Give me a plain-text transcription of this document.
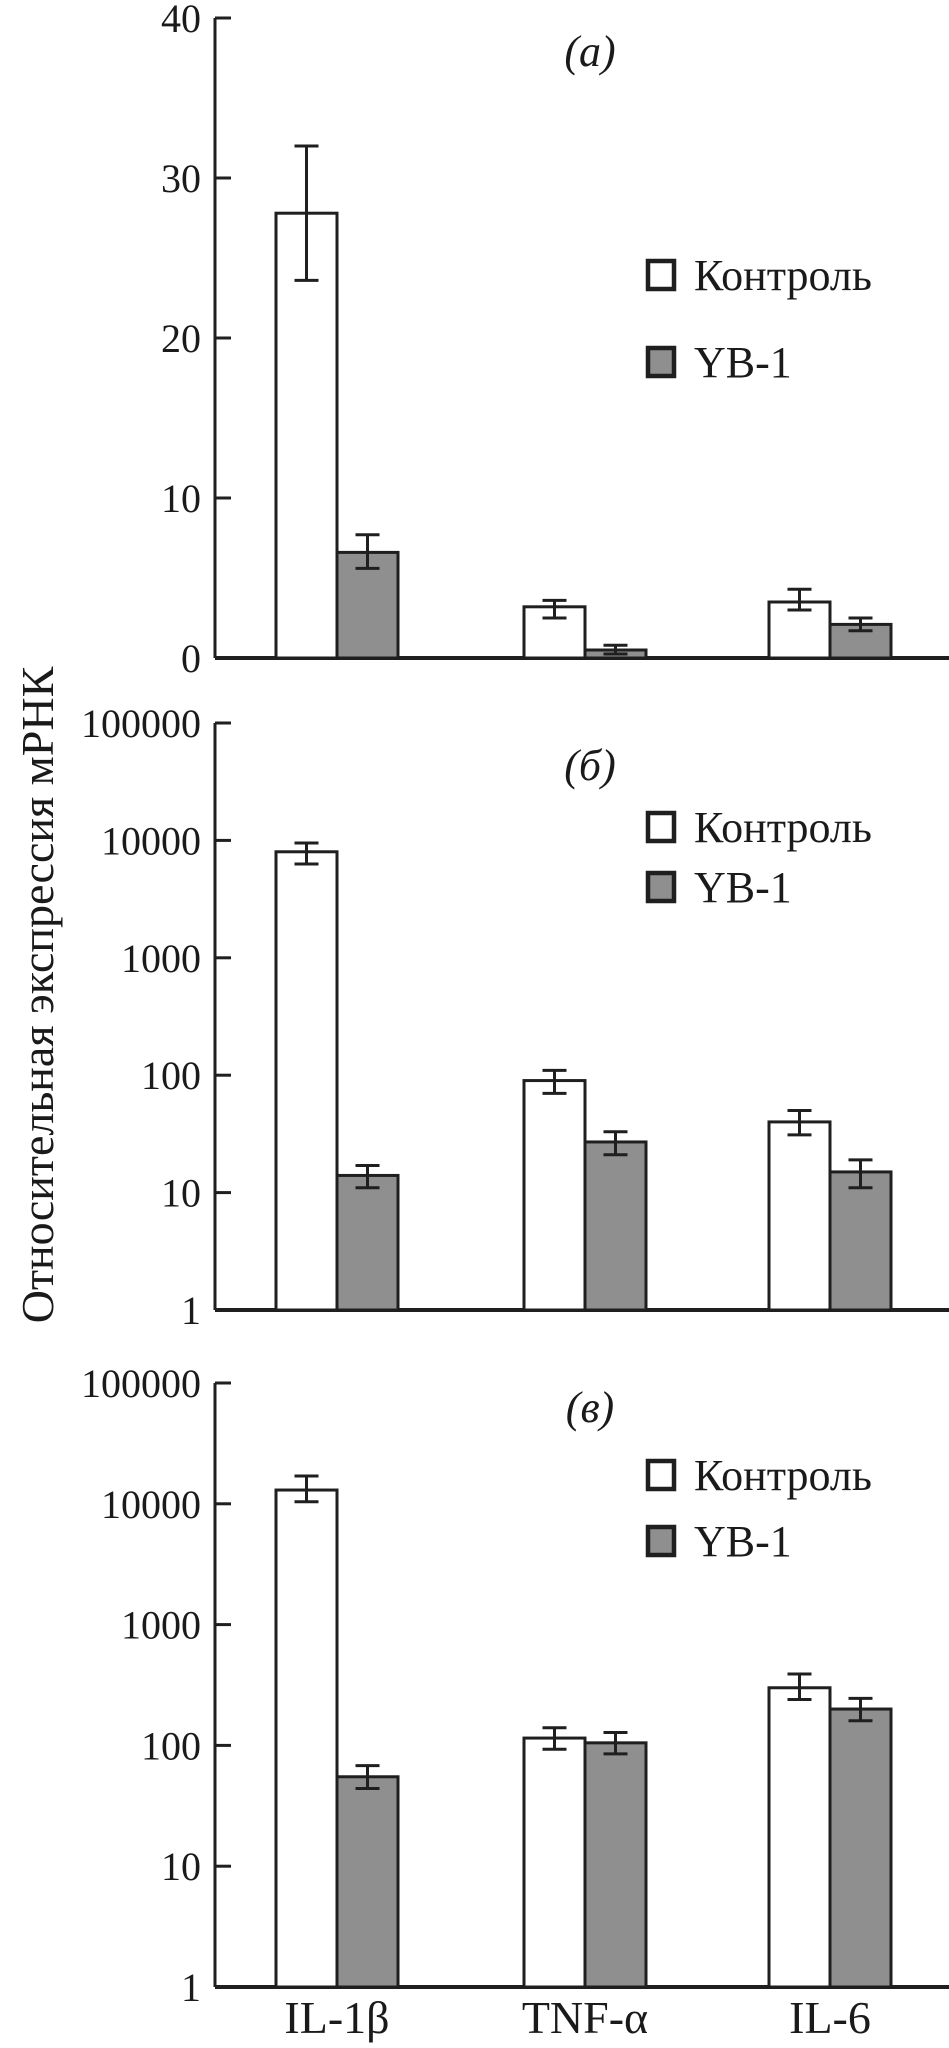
0
10
20
30
40
(а)
Контроль
YB-1
1
10
100
1000
10000
100000
(б)
Контроль
YB-1
1
10
100
1000
10000
100000	(в)
Контроль
YB-1
IL-1β	TNF-α	IL-6
Относительная экспрессия мРНК
